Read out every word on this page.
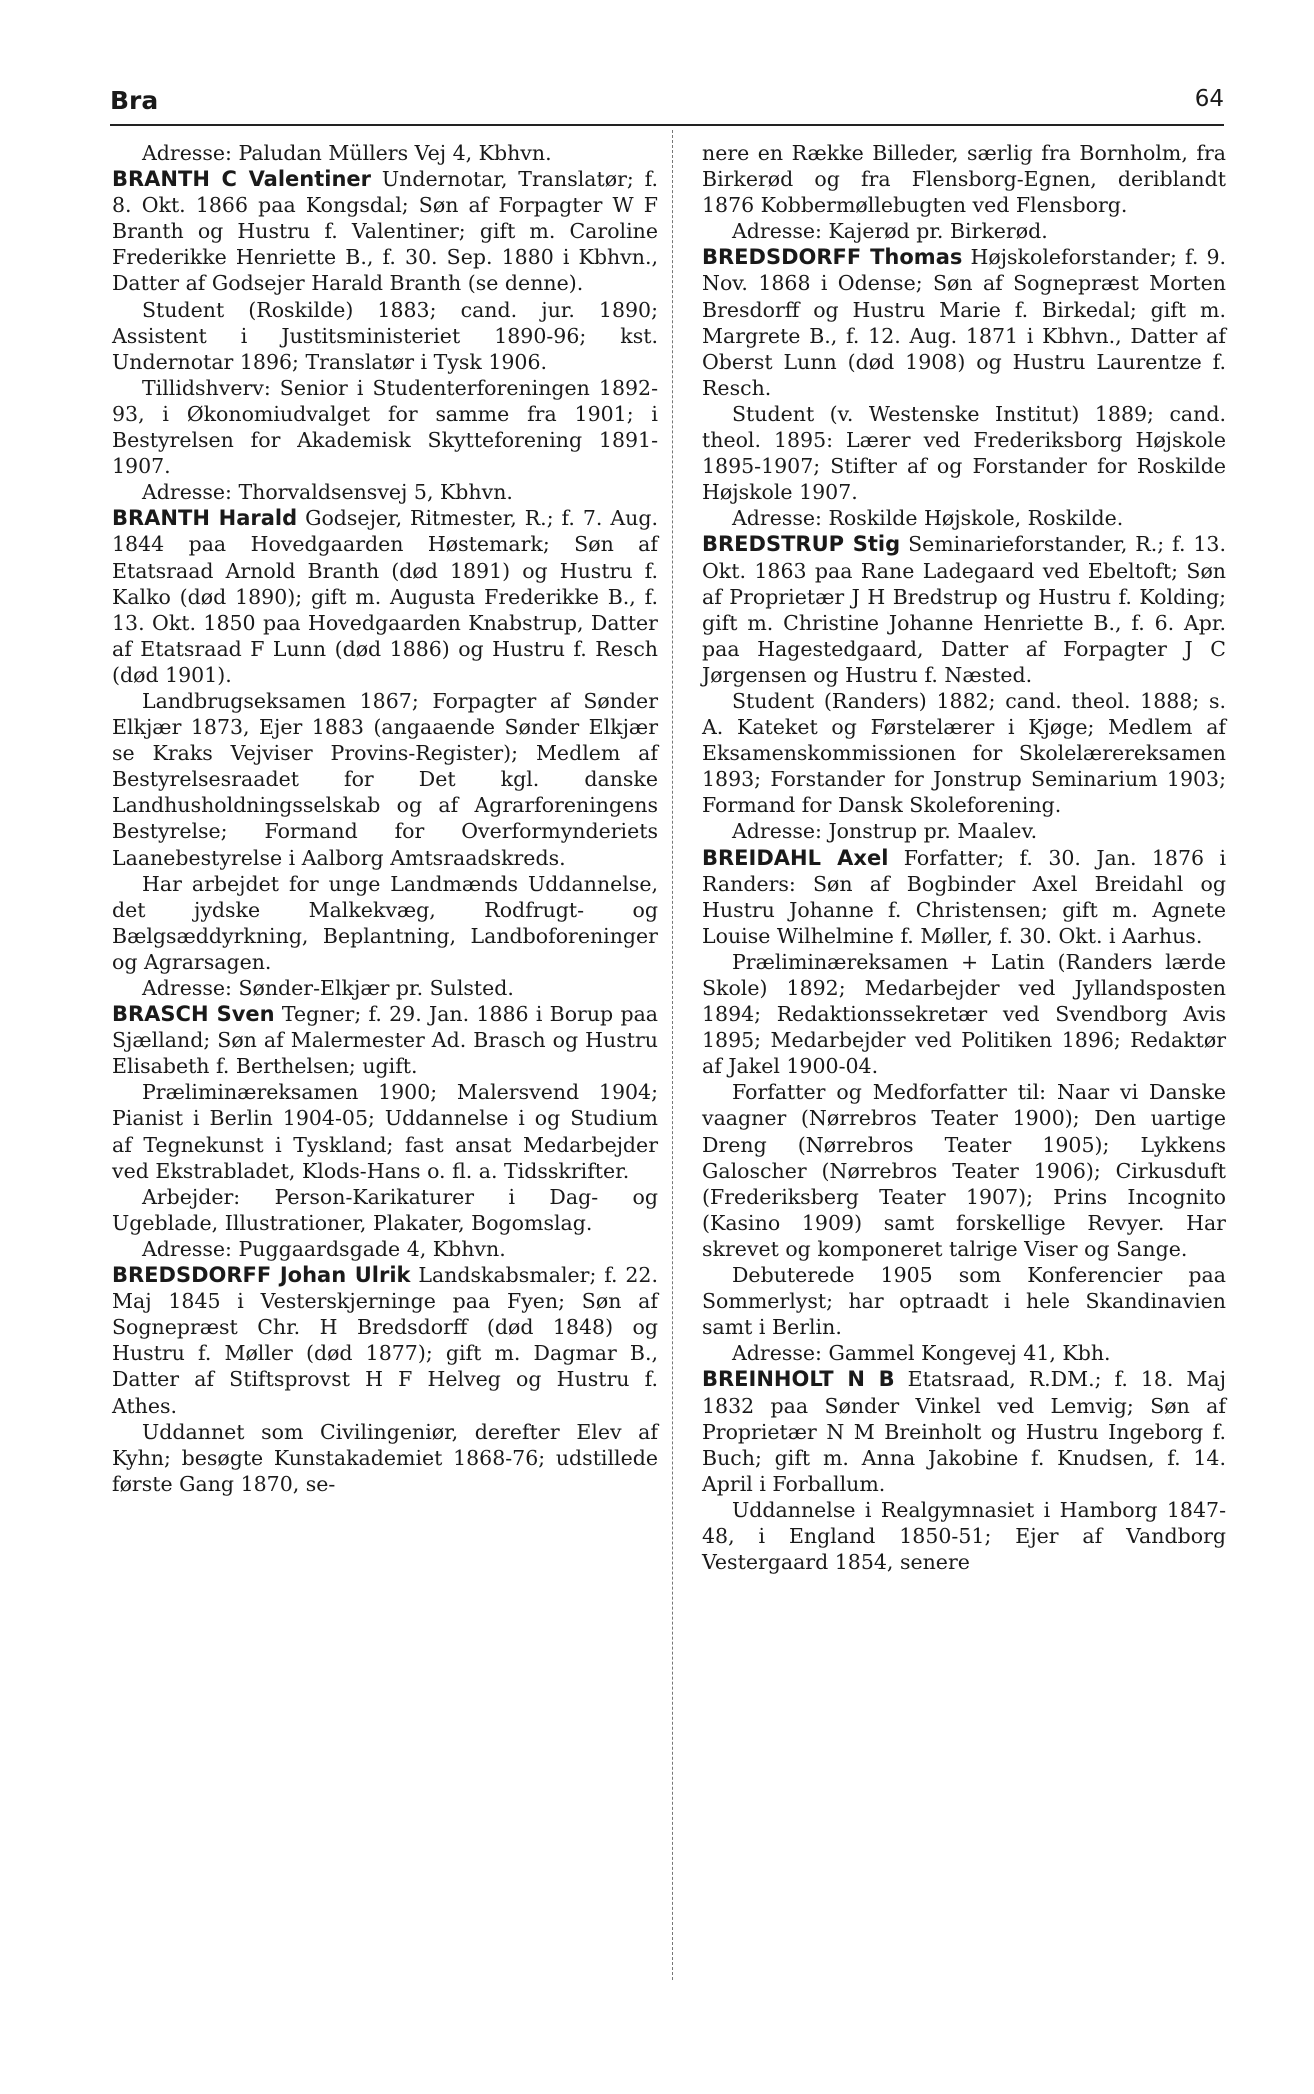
Bra	64

Adresse: Paludan Müllers Vej 4, Kbhvn.

BRANTH C Valentiner Undernotar, Translatør; f. 8. Okt. 1866 paa Kongsdal; Søn af Forpagter W F Branth og Hustru f. Valentiner; gift m. Caroline Frederikke Henriette B., f. 30. Sep. 1880 i Kbhvn., Datter af Godsejer Harald Branth (se denne).

Student (Roskilde) 1883; cand. jur. 1890; Assistent i Justitsministeriet 1890-96; kst. Undernotar 1896; Translatør i Tysk 1906.

Tillidshverv: Senior i Studenterforeningen 1892-93, i Økonomiudvalget for samme fra 1901; i Bestyrelsen for Akademisk Skytteforening 1891-1907.

Adresse: Thorvaldsensvej 5, Kbhvn.

BRANTH Harald Godsejer, Ritmester, R.; f. 7. Aug. 1844 paa Hovedgaarden Høstemark; Søn af Etatsraad Arnold Branth (død 1891) og Hustru f. Kalko (død 1890); gift m. Augusta Frederikke B., f. 13. Okt. 1850 paa Hovedgaarden Knabstrup, Datter af Etatsraad F Lunn (død 1886) og Hustru f. Resch (død 1901).

Landbrugseksamen 1867; Forpagter af Sønder Elkjær 1873, Ejer 1883 (angaaende Sønder Elkjær se Kraks Vejviser Provins-Register); Medlem af Bestyrelsesraadet for Det kgl. danske Landhusholdningsselskab og af Agrarforeningens Bestyrelse; Formand for Overformynderiets Laanebestyrelse i Aalborg Amtsraadskreds.

Har arbejdet for unge Landmænds Uddannelse, det jydske Malkekvæg, Rodfrugt- og Bælgsæddyrkning, Beplantning, Landboforeninger og Agrarsagen.

Adresse: Sønder-Elkjær pr. Sulsted.

BRASCH Sven Tegner; f. 29. Jan. 1886 i Borup paa Sjælland; Søn af Malermester Ad. Brasch og Hustru Elisabeth f. Berthelsen; ugift.

Præliminæreksamen 1900; Malersvend 1904; Pianist i Berlin 1904-05; Uddannelse i og Studium af Tegnekunst i Tyskland; fast ansat Medarbejder ved Ekstrabladet, Klods-Hans o. fl. a. Tidsskrifter.

Arbejder: Person-Karikaturer i Dag- og Ugeblade, Illustrationer, Plakater, Bogomslag.

Adresse: Puggaardsgade 4, Kbhvn.

BREDSDORFF Johan Ulrik Landskabsmaler; f. 22. Maj 1845 i Vesterskjerninge paa Fyen; Søn af Sognepræst Chr. H Bredsdorff (død 1848) og Hustru f. Møller (død 1877); gift m. Dagmar B., Datter af Stiftsprovst H F Helveg og Hustru f. Athes.

Uddannet som Civilingeniør, derefter Elev af Kyhn; besøgte Kunstakademiet 1868-76; udstillede første Gang 1870, se-

nere en Række Billeder, særlig fra Bornholm, fra Birkerød og fra Flensborg-Egnen, deriblandt 1876 Kobbermøllebugten ved Flensborg.

Adresse: Kajerød pr. Birkerød.

BREDSDORFF Thomas Højskoleforstander; f. 9. Nov. 1868 i Odense; Søn af Sognepræst Morten Bresdorff og Hustru Marie f. Birkedal; gift m. Margrete B., f. 12. Aug. 1871 i Kbhvn., Datter af Oberst Lunn (død 1908) og Hustru Laurentze f. Resch.

Student (v. Westenske Institut) 1889; cand. theol. 1895: Lærer ved Frederiksborg Højskole 1895-1907; Stifter af og Forstander for Roskilde Højskole 1907.

Adresse: Roskilde Højskole, Roskilde.

BREDSTRUP Stig Seminarieforstander, R.; f. 13. Okt. 1863 paa Rane Ladegaard ved Ebeltoft; Søn af Proprietær J H Bredstrup og Hustru f. Kolding; gift m. Christine Johanne Henriette B., f. 6. Apr. paa Hagestedgaard, Datter af Forpagter J C Jørgensen og Hustru f. Næsted.

Student (Randers) 1882; cand. theol. 1888; s. A. Kateket og Førstelærer i Kjøge; Medlem af Eksamenskommissionen for Skolelærereksamen 1893; Forstander for Jonstrup Seminarium 1903; Formand for Dansk Skoleforening.

Adresse: Jonstrup pr. Maalev.

BREIDAHL Axel Forfatter; f. 30. Jan. 1876 i Randers: Søn af Bogbinder Axel Breidahl og Hustru Johanne f. Christensen; gift m. Agnete Louise Wilhelmine f. Møller, f. 30. Okt. i Aarhus.

Præliminæreksamen + Latin (Randers lærde Skole) 1892; Medarbejder ved Jyllandsposten 1894; Redaktionssekretær ved Svendborg Avis 1895; Medarbejder ved Politiken 1896; Redaktør af Jakel 1900-04.

Forfatter og Medforfatter til: Naar vi Danske vaagner (Nørrebros Teater 1900); Den uartige Dreng (Nørrebros Teater 1905); Lykkens Galoscher (Nørrebros Teater 1906); Cirkusduft (Frederiksberg Teater 1907); Prins Incognito (Kasino 1909) samt forskellige Revyer. Har skrevet og komponeret talrige Viser og Sange.

Debuterede 1905 som Konferencier paa Sommerlyst; har optraadt i hele Skandinavien samt i Berlin.

Adresse: Gammel Kongevej 41, Kbh.

BREINHOLT N B Etatsraad, R.DM.; f. 18. Maj 1832 paa Sønder Vinkel ved Lemvig; Søn af Proprietær N M Breinholt og Hustru Ingeborg f. Buch; gift m. Anna Jakobine f. Knudsen, f. 14. April i Forballum.

Uddannelse i Realgymnasiet i Hamborg 1847-48, i England 1850-51; Ejer af Vandborg Vestergaard 1854, senere
